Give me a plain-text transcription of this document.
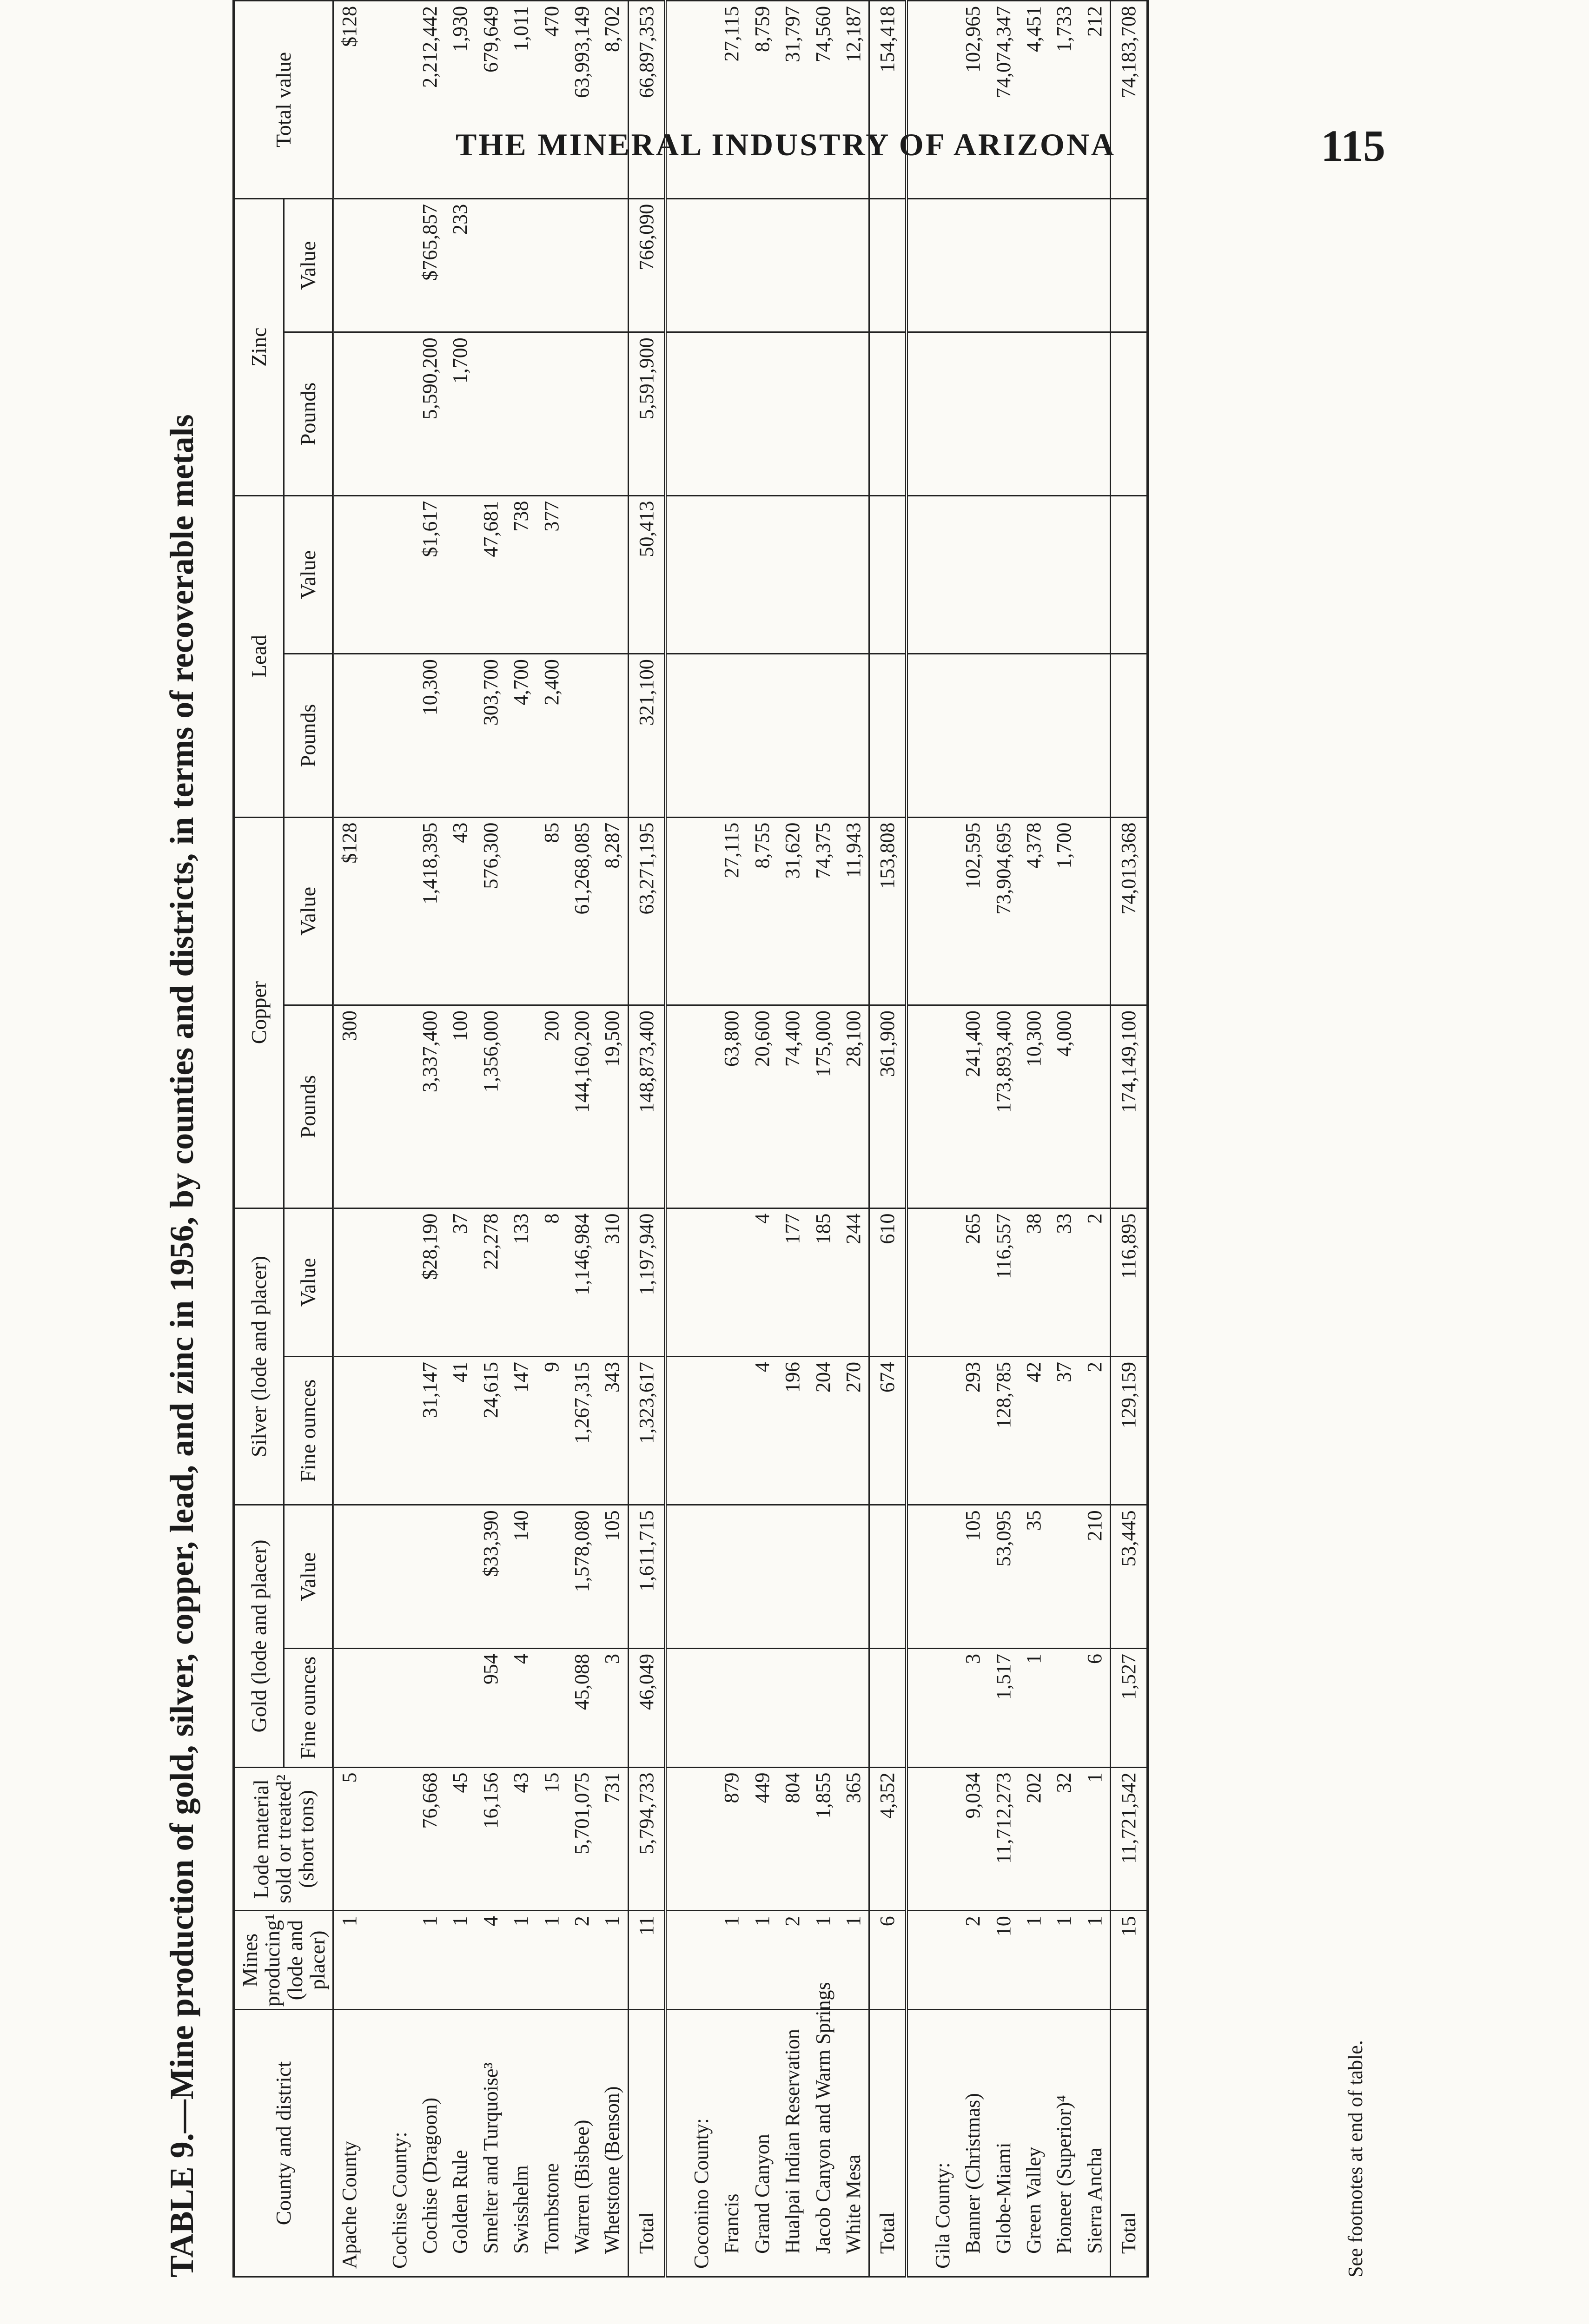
THE MINERAL INDUSTRY OF ARIZONA	115
TABLE 9.—Mine production of gold, silver, copper, lead, and zinc in 1956, by counties and districts, in terms of recoverable metals	County and district	Mines producing¹ (lode and placer)	Lode material sold or treated² (short tons)	Gold (lode and placer)		Silver (lode and placer)		Copper		Lead		Zinc		Total value
			Fine ounces	Value	Fine ounces	Value	Pounds	Value	Pounds	Value	Pounds	Value	
Apache County	1	5					300	$128					$128

Cochise County:													
Cochise (Dragoon)	1	76,668			31,147	$28,190	3,337,400	1,418,395	10,300	$1,617	5,590,200	$765,857	2,212,442
Golden Rule	1	45			41	37	100	43			1,700	233	1,930
Smelter and Turquoise³	4	16,156	954	$33,390	24,615	22,278	1,356,000	576,300	303,700	47,681			679,649
Swisshelm	1	43	4	140	147	133			4,700	738			1,011
Tombstone	1	15			9	8	200	85	2,400	377			470
Warren (Bisbee)	2	5,701,075	45,088	1,578,080	1,267,315	1,146,984	144,160,200	61,268,085					63,993,149
Whetstone (Benson)	1	731	3	105	343	310	19,500	8,287					8,702
Total	11	5,794,733	46,049	1,611,715	1,323,617	1,197,940	148,873,400	63,271,195	321,100	50,413	5,591,900	766,090	66,897,353

Coconino County:													
Francis	1	879					63,800	27,115					27,115
Grand Canyon	1	449			4	4	20,600	8,755					8,759
Hualpai Indian Reservation	2	804			196	177	74,400	31,620					31,797
Jacob Canyon and Warm Springs	1	1,855			204	185	175,000	74,375					74,560
White Mesa	1	365			270	244	28,100	11,943					12,187
Total	6	4,352			674	610	361,900	153,808					154,418

Gila County:													
Banner (Christmas)	2	9,034	3	105	293	265	241,400	102,595					102,965
Globe-Miami	10	11,712,273	1,517	53,095	128,785	116,557	173,893,400	73,904,695					74,074,347
Green Valley	1	202	1	35	42	38	10,300	4,378					4,451
Pioneer (Superior)⁴	1	32			37	33	4,000	1,700					1,733
Sierra Ancha	1	1	6	210	2	2							212
Total	15	11,721,542	1,527	53,445	129,159	116,895	174,149,100	74,013,368					74,183,708
See footnotes at end of table.
